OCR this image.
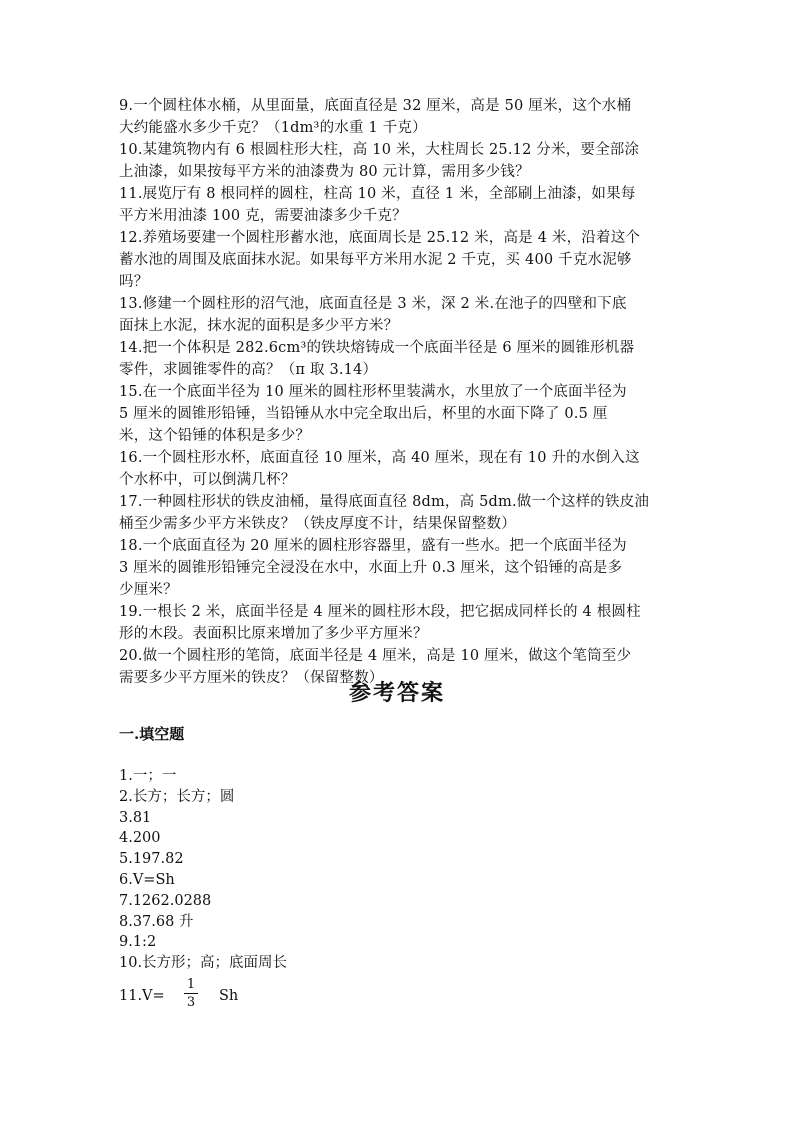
9.一个圆柱体水桶，从里面量，底面直径是 32 厘米，高是 50 厘米，这个水桶
大约能盛水多少千克？（1dm³的水重 1 千克）
10.某建筑物内有 6 根圆柱形大柱，高 10 米，大柱周长 25.12 分米，要全部涂
上油漆，如果按每平方米的油漆费为 80 元计算，需用多少钱？
11.展览厅有 8 根同样的圆柱，柱高 10 米，直径 1 米，全部刷上油漆，如果每
平方米用油漆 100 克，需要油漆多少千克？
12.养殖场要建一个圆柱形蓄水池，底面周长是 25.12 米，高是 4 米，沿着这个
蓄水池的周围及底面抹水泥。如果每平方米用水泥 2 千克，买 400 千克水泥够
吗？
13.修建一个圆柱形的沼气池，底面直径是 3 米，深 2 米.在池子的四壁和下底
面抹上水泥，抹水泥的面积是多少平方米？
14.把一个体积是 282.6cm³的铁块熔铸成一个底面半径是 6 厘米的圆锥形机器
零件，求圆锥零件的高？（π 取 3.14）
15.在一个底面半径为 10 厘米的圆柱形杯里装满水，水里放了一个底面半径为
5 厘米的圆锥形铅锤，当铅锤从水中完全取出后，杯里的水面下降了 0.5 厘
米，这个铅锤的体积是多少？
16.一个圆柱形水杯，底面直径 10 厘米，高 40 厘米，现在有 10 升的水倒入这
个水杯中，可以倒满几杯？
17.一种圆柱形状的铁皮油桶，量得底面直径 8dm，高 5dm.做一个这样的铁皮油
桶至少需多少平方米铁皮？（铁皮厚度不计，结果保留整数）
18.一个底面直径为 20 厘米的圆柱形容器里，盛有一些水。把一个底面半径为
3 厘米的圆锥形铅锤完全浸没在水中，水面上升 0.3 厘米，这个铅锤的高是多
少厘米？
19.一根长 2 米，底面半径是 4 厘米的圆柱形木段，把它据成同样长的 4 根圆柱
形的木段。表面积比原来增加了多少平方厘米？
20.做一个圆柱形的笔筒，底面半径是 4 厘米，高是 10 厘米，做这个笔筒至少
需要多少平方厘米的铁皮？（保留整数）
参考答案
一.填空题
1.一；一
2.长方；长方；圆
3.81
4.200
5.197.82
6.V=Sh
7.1262.0288
8.37.68 升
9.1:2
10.长方形；高；底面周长
11.V=
1
3 Sh
